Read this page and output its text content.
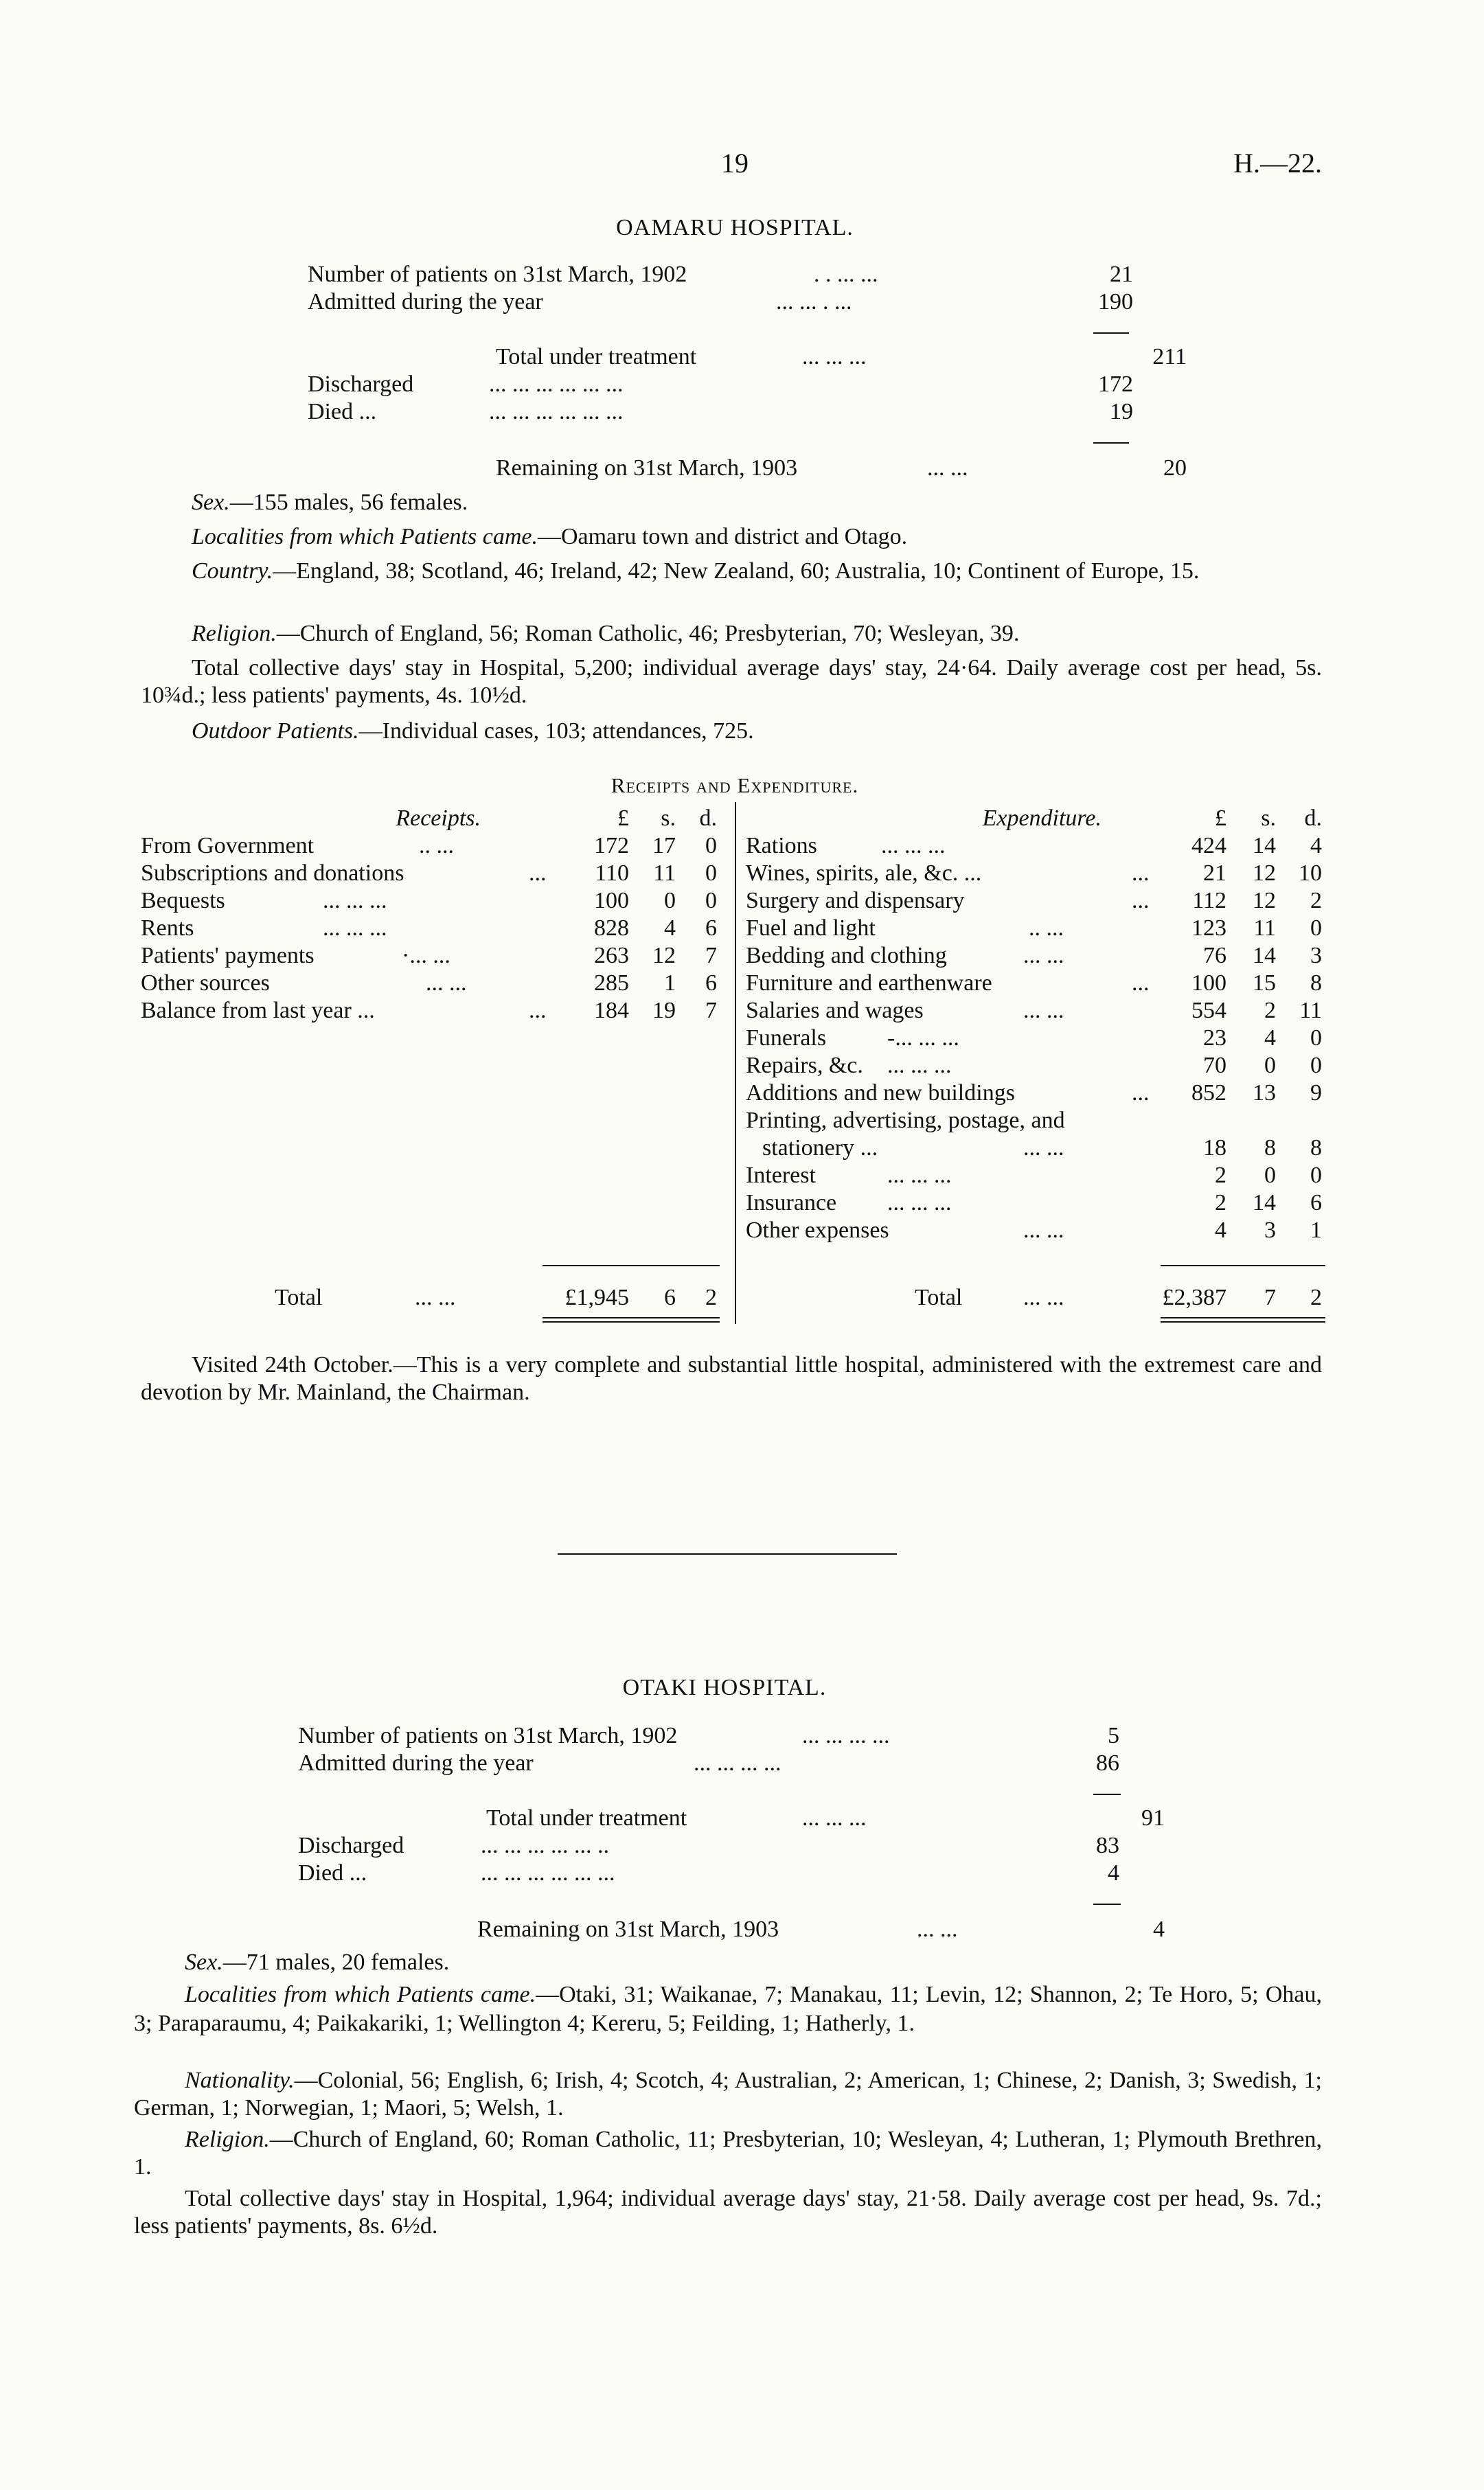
19	H.—22.
OAMARU HOSPITAL.
Number of patients on 31st March, 1902	. . ... ...	21
Admitted during the year	... ... . ...	190
Total under treatment	... ... ...	211
Discharged	... ... ... ... ... ...	172
Died ...	... ... ... ... ... ...	19
Remaining on 31st March, 1903	... ...	20
Sex.—155 males, 56 females.
Localities from which Patients came.—Oamaru town and district and Otago.
Country.—England, 38; Scotland, 46; Ireland, 42; New Zealand, 60; Australia, 10; Continent of Europe, 15.
Religion.—Church of England, 56; Roman Catholic, 46; Presbyterian, 70; Wesleyan, 39.
Total collective days' stay in Hospital, 5,200; individual average days' stay, 24·64. Daily average cost per head, 5s. 10¾d.; less patients' payments, 4s. 10½d.
Outdoor Patients.—Individual cases, 103; attendances, 725.
Receipts and Expenditure.
Receipts.	£ s. d.	Expenditure.	£ s. d.
From Government	.. ...	172 17 0
Subscriptions and donations	... 110 11 0
Bequests	... ... ...	100 0 0
Rents	... ... ...	828 4 6
Patients' payments	·... ...	263 12 7
Other sources	... ...	285 1 6
Balance from last year ...	... 184 19 7
Rations	... ... ...	424 14 4
Wines, spirits, ale, &c. ...	... 21 12 10
Surgery and dispensary	... 112 12 2
Fuel and light	.. ...	123 11 0
Bedding and clothing	... ...	76 14 3
Furniture and earthenware	... 100 15 8
Salaries and wages	... ...	554 2 11
Funerals	-... ... ...	23 4 0
Repairs, &c. ... ... ...	70 0 0
Additions and new buildings	... 852 13 9
Printing, advertising, postage, and
stationery ...	... ...	18 8 8
Interest	... ... ...	2 0 0
Insurance ... ... ...	2 14 6
Other expenses	... ...	4 3 1
Total	... ...	£1,945 6 2	Total	... ...	£2,387 7 2
Visited 24th October.—This is a very complete and substantial little hospital, administered with the extremest care and devotion by Mr. Mainland, the Chairman.
OTAKI HOSPITAL.
Number of patients on 31st March, 1902	... ... ... ...	5
Admitted during the year	... ... ... ...	86
Total under treatment	... ... ...	91
Discharged	... ... ... ... ... ..	83
Died ...	... ... ... ... ... ...	4
Remaining on 31st March, 1903	... ...	4
Sex.—71 males, 20 females.
Localities from which Patients came.—Otaki, 31; Waikanae, 7; Manakau, 11; Levin, 12; Shannon, 2; Te Horo, 5; Ohau, 3; Paraparaumu, 4; Paikakariki, 1; Wellington 4; Kereru, 5; Feilding, 1; Hatherly, 1.
Nationality.—Colonial, 56; English, 6; Irish, 4; Scotch, 4; Australian, 2; American, 1; Chinese, 2; Danish, 3; Swedish, 1; German, 1; Norwegian, 1; Maori, 5; Welsh, 1.
Religion.—Church of England, 60; Roman Catholic, 11; Presbyterian, 10; Wesleyan, 4; Lutheran, 1; Plymouth Brethren, 1.
Total collective days' stay in Hospital, 1,964; individual average days' stay, 21·58. Daily average cost per head, 9s. 7d.; less patients' payments, 8s. 6½d.
